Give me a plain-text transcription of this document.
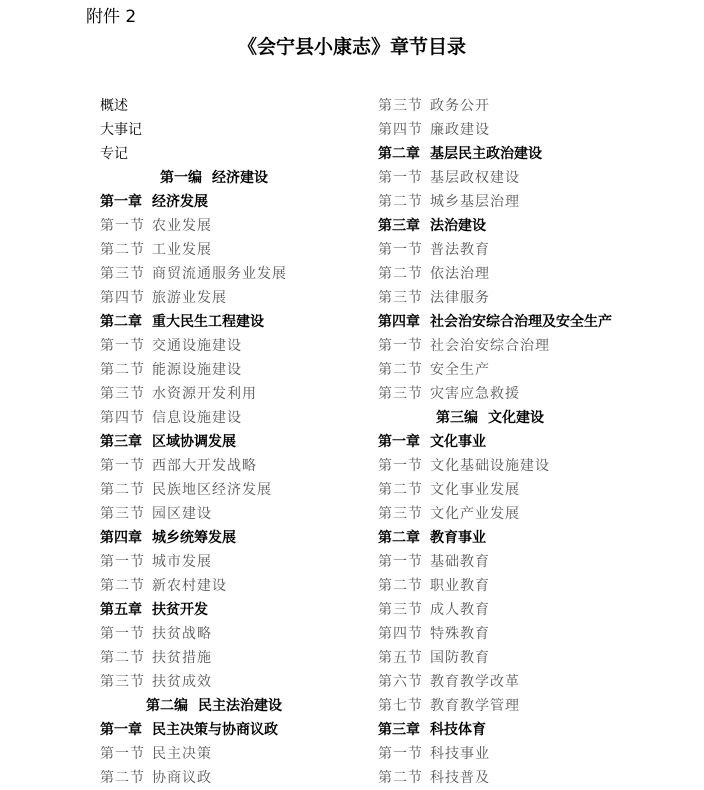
附件 2
《会宁县小康志》章节目录
概述
大事记
专记
第一编 经济建设
第一章 经济发展
第一节 农业发展
第二节 工业发展
第三节 商贸流通服务业发展
第四节 旅游业发展
第二章 重大民生工程建设
第一节 交通设施建设
第二节 能源设施建设
第三节 水资源开发利用
第四节 信息设施建设
第三章 区域协调发展
第一节 西部大开发战略
第二节 民族地区经济发展
第三节 园区建设
第四章 城乡统筹发展
第一节 城市发展
第二节 新农村建设
第五章 扶贫开发
第一节 扶贫战略
第二节 扶贫措施
第三节 扶贫成效
第二编 民主法治建设
第一章 民主决策与协商议政
第一节 民主决策
第二节 协商议政
第三节 政务公开
第四节 廉政建设
第二章 基层民主政治建设
第一节 基层政权建设
第二节 城乡基层治理
第三章 法治建设
第一节 普法教育
第二节 依法治理
第三节 法律服务
第四章 社会治安综合治理及安全生产
第一节 社会治安综合治理
第二节 安全生产
第三节 灾害应急救援
第三编 文化建设
第一章 文化事业
第一节 文化基础设施建设
第二节 文化事业发展
第三节 文化产业发展
第二章 教育事业
第一节 基础教育
第二节 职业教育
第三节 成人教育
第四节 特殊教育
第五节 国防教育
第六节 教育教学改革
第七节 教育教学管理
第三章 科技体育
第一节 科技事业
第二节 科技普及
